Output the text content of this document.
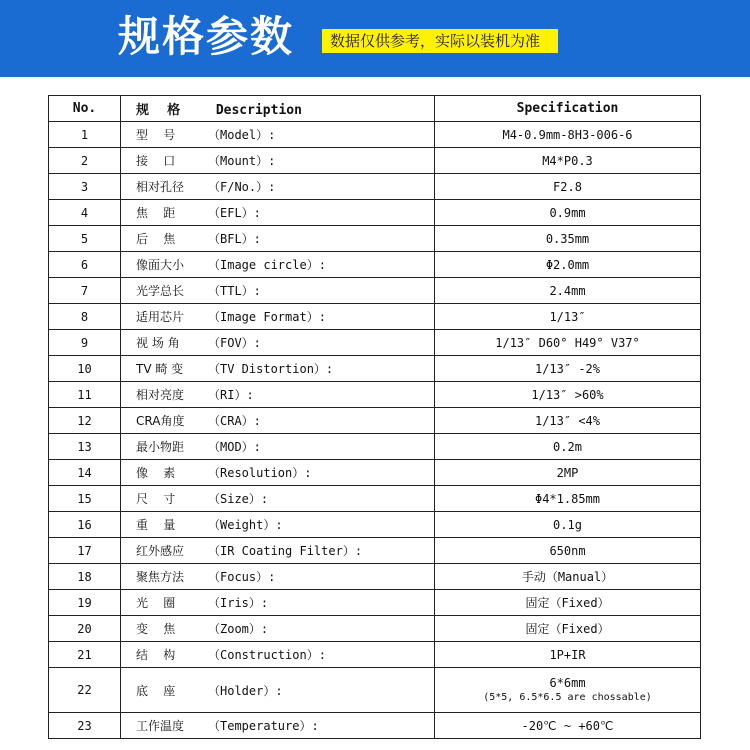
规格参数	数据仅供参考，实际以装机为准
No.	规    格 Description	Specification
1	型    号 （Model）:	M4-0.9mm-8H3-006-6
2	接    口 （Mount）:	M4*P0.3
3	相对孔径 （F/No.）:	F2.8
4	焦    距 （EFL）:	0.9mm
5	后    焦 （BFL）:	0.35mm
6	像面大小 （Image circle）:	Φ2.0mm
7	光学总长 （TTL）:	2.4mm
8	适用芯片 （Image Format）:	1/13″
9	视 场 角 （FOV）:	1/13″ D60° H49° V37°
10	TV 畸 变 （TV Distortion）:	1/13″ -2%
11	相对亮度 （RI）:	1/13″ >60%
12	CRA角度 （CRA）:	1/13″ <4%
13	最小物距 （MOD）:	0.2m
14	像    素 （Resolution）:	2MP
15	尺    寸 （Size）:	Φ4*1.85mm
16	重    量 （Weight）:	0.1g
17	红外感应 （IR Coating Filter）:	650nm
18	聚焦方法 （Focus）:	手动（Manual）
19	光    圈 （Iris）:	固定（Fixed）
20	变    焦 （Zoom）:	固定（Fixed）
21	结    构 （Construction）:	1P+IR
22	底    座 （Holder）:	6*6mm
(5*5, 6.5*6.5 are chossable)

23	工作温度 （Temperature）:	-20℃ ~ +60℃
